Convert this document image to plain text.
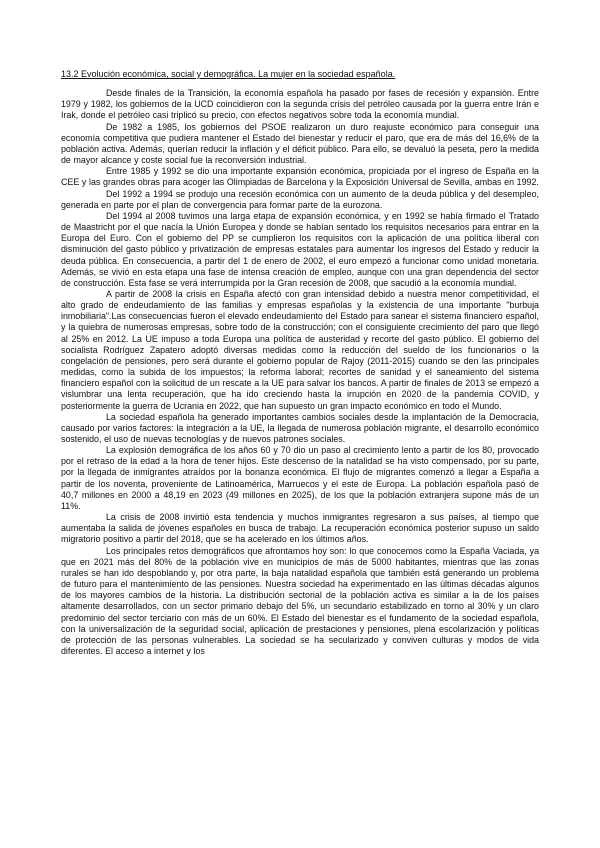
13.2 Evolución económica, social y demográfica. La mujer en la sociedad española.

Desde finales de la Transición, la economía española ha pasado por fases de recesión y expansión. Entre 1979 y 1982, los gobiernos de la UCD coincidieron con la segunda crisis del petróleo causada por la guerra entre Irán e Irak, donde el petróleo casi triplicó su precio, con efectos negativos sobre toda la economía mundial.

De 1982 a 1985, los gobiernos del PSOE realizaron un duro reajuste económico para conseguir una economía competitiva que pudiera mantener el Estado del bienestar y reducir el paro, que era de más del 16,6% de la población activa. Además, querían reducir la inflación y el déficit público. Para ello, se devaluó la peseta, pero la medida de mayor alcance y coste social fue la reconversión industrial.

Entre 1985 y 1992 se dio una importante expansión económica, propiciada por el ingreso de España en la CEE y las grandes obras para acoger las Olimpiadas de Barcelona y la Exposición Universal de Sevilla, ambas en 1992.

Del 1992 a 1994 se produjo una recesión económica con un aumento de la deuda pública y del desempleo, generada en parte por el plan de convergencia para formar parte de la eurozona.

Del 1994 al 2008 tuvimos una larga etapa de expansión económica, y en 1992 se había firmado el Tratado de Maastricht por el que nacía la Unión Europea y donde se habían sentado los requisitos necesarios para entrar en la Europa del Euro. Con el gobierno del PP se cumplieron los requisitos con la aplicación de una política liberal con disminución del gasto público y privatización de empresas estatales para aumentar los ingresos del Estado y reducir la deuda pública. En consecuencia, a partir del 1 de enero de 2002, el euro empezó a funcionar como unidad monetaria. Además, se vivió en esta etapa una fase de intensa creación de empleo, aunque con una gran dependencia del sector de construcción. Esta fase se verá interrumpida por la Gran recesión de 2008, que sacudió a la economía mundial.

A partir de 2008 la crisis en España afectó con gran intensidad debido a nuestra menor competitividad, el alto grado de endeudamiento de las familias y empresas españolas y la existencia de una importante "burbuja inmobiliaria".Las consecuencias fueron el elevado endeudamiento del Estado para sanear el sistema financiero español, y la quiebra de numerosas empresas, sobre todo de la construcción; con el consiguiente crecimiento del paro que llegó al 25% en 2012. La UE impuso a toda Europa una política de austeridad y recorte del gasto público. El gobierno del socialista Rodríguez Zapatero adoptó diversas medidas como la reducción del sueldo de los funcionarios o la congelación de pensiones, pero será durante el gobierno popular de Rajoy (2011-2015) cuando se den las principales medidas, como la subida de los impuestos; la reforma laboral; recortes de sanidad y el saneamiento del sistema financiero español con la solicitud de un rescate a la UE para salvar los bancos. A partir de finales de 2013 se empezó a vislumbrar una lenta recuperación, que ha ido creciendo hasta la irrupción en 2020 de la pandemia COVID, y posteriormente la guerra de Ucrania en 2022, que han supuesto un gran impacto económico en todo el Mundo.

La sociedad española ha generado importantes cambios sociales desde la implantación de la Democracia, causado por varios factores: la integración a la UE, la llegada de numerosa población migrante, el desarrollo económico sostenido, el uso de nuevas tecnologías y de nuevos patrones sociales.

La explosión demográfica de los años 60 y 70 dio un paso al crecimiento lento a partir de los 80, provocado por el retraso de la edad a la hora de tener hijos. Este descenso de la natalidad se ha visto compensado, por su parte, por la llegada de inmigrantes atraídos por la bonanza económica. El flujo de migrantes comenzó a llegar a España a partir de los noventa, proveniente de Latinoamérica, Marruecos y el este de Europa. La población española pasó de 40,7 millones en 2000 a 48,19 en 2023 (49 millones en 2025), de los que la población extranjera supone más de un 11%.

La crisis de 2008 invirtió esta tendencia y muchos inmigrantes regresaron a sus países, al tiempo que aumentaba la salida de jóvenes españoles en busca de trabajo. La recuperación económica posterior supuso un saldo migratorio positivo a partir del 2018, que se ha acelerado en los últimos años.

Los principales retos demográficos que afrontamos hoy son: lo que conocemos como la España Vaciada, ya que en 2021 más del 80% de la población vive en municipios de más de 5000 habitantes, mientras que las zonas rurales se han ido despoblando y, por otra parte, la baja natalidad española que también está generando un problema de futuro para el mantenimiento de las pensiones. Nuestra sociedad ha experimentado en las últimas décadas algunos de los mayores cambios de la historia. La distribución sectorial de la población activa es similar a la de los países altamente desarrollados, con un sector primario debajo del 5%, un secundario estabilizado en torno al 30% y un claro predominio del sector terciario con más de un 60%. El Estado del bienestar es el fundamento de la sociedad española, con la universalización de la seguridad social, aplicación de prestaciones y pensiones, plena escolarización y políticas de protección de las personas vulnerables. La sociedad se ha secularizado y conviven culturas y modos de vida diferentes. El acceso a internet y los
